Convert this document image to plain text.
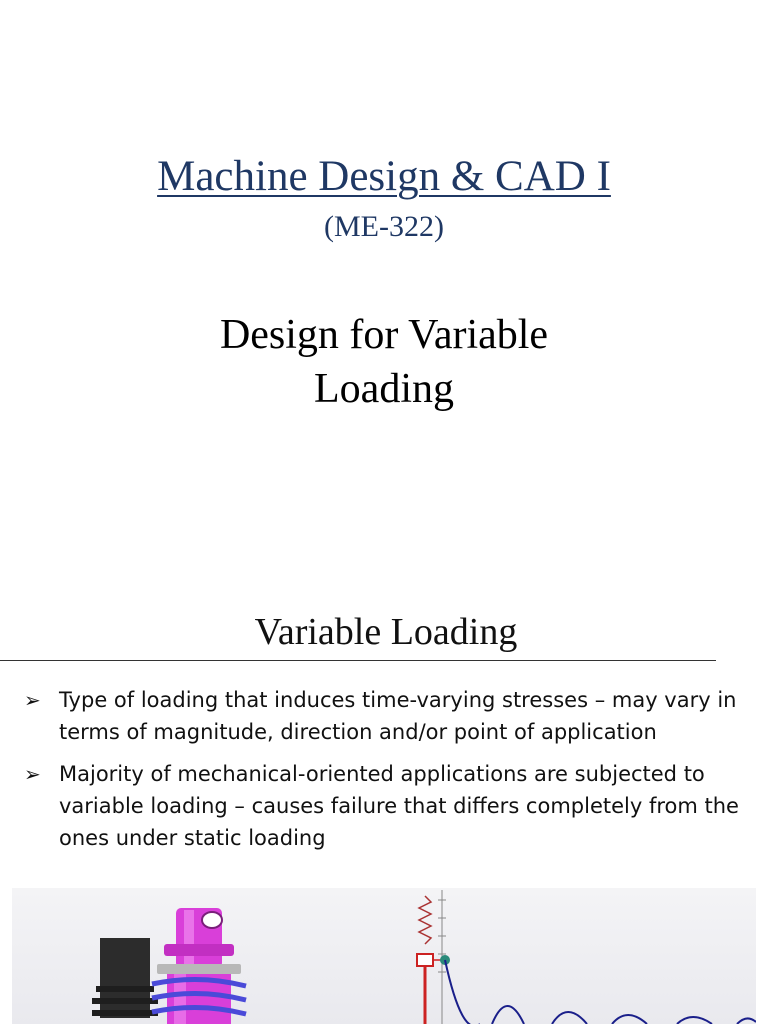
Machine Design & CAD I
(ME-322)
Design for Variable
Loading
Variable Loading
➢ Type of loading that induces time-varying stresses – may vary in terms of magnitude, direction and/or point of application
➢ Majority of mechanical-oriented applications are subjected to variable loading – causes failure that differs completely from the ones under static loading
